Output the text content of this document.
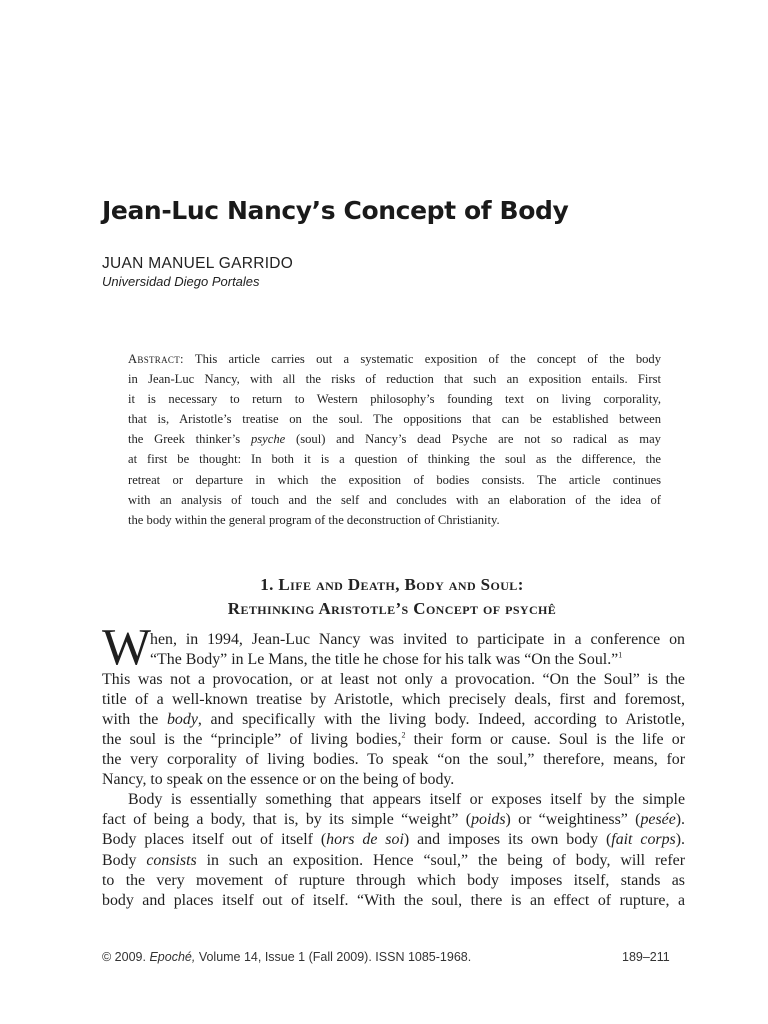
Jean-Luc Nancy’s Concept of Body
JUAN MANUEL GARRIDO
Universidad Diego Portales
Abstract: This article carries out a systematic exposition of the concept of the body
in Jean-Luc Nancy, with all the risks of reduction that such an exposition entails. First
it is necessary to return to Western philosophy’s founding text on living corporality,
that is, Aristotle’s treatise on the soul. The oppositions that can be established between
the Greek thinker’s psyche (soul) and Nancy’s dead Psyche are not so radical as may
at first be thought: In both it is a question of thinking the soul as the difference, the
retreat or departure in which the exposition of bodies consists. The article continues
with an analysis of touch and the self and concludes with an elaboration of the idea of
the body within the general program of the deconstruction of Christianity.
1. Life and Death, Body and Soul:
Rethinking Aristotle’s Concept of psychê
W
hen, in 1994, Jean-Luc Nancy was invited to participate in a conference on
“The Body” in Le Mans, the title he chose for his talk was “On the Soul.”$^1$
This was not a provocation, or at least not only a provocation. “On the Soul” is the
title of a well-known treatise by Aristotle, which precisely deals, first and foremost,
with the body, and specifically with the living body. Indeed, according to Aristotle,
the soul is the “principle” of living bodies,$^2$ their form or cause. Soul is the life or
the very corporality of living bodies. To speak “on the soul,” therefore, means, for
Nancy, to speak on the essence or on the being of body.
Body is essentially something that appears itself or exposes itself by the simple
fact of being a body, that is, by its simple “weight” (poids) or “weightiness” (pesée).
Body places itself out of itself (hors de soi) and imposes its own body (fait corps).
Body consists in such an exposition. Hence “soul,” the being of body, will refer
to the very movement of rupture through which body imposes itself, stands as
body and places itself out of itself. “With the soul, there is an effect of rupture, a
© 2009. Epoché, Volume 14, Issue 1 (Fall 2009). ISSN 1085-1968.	189–211
